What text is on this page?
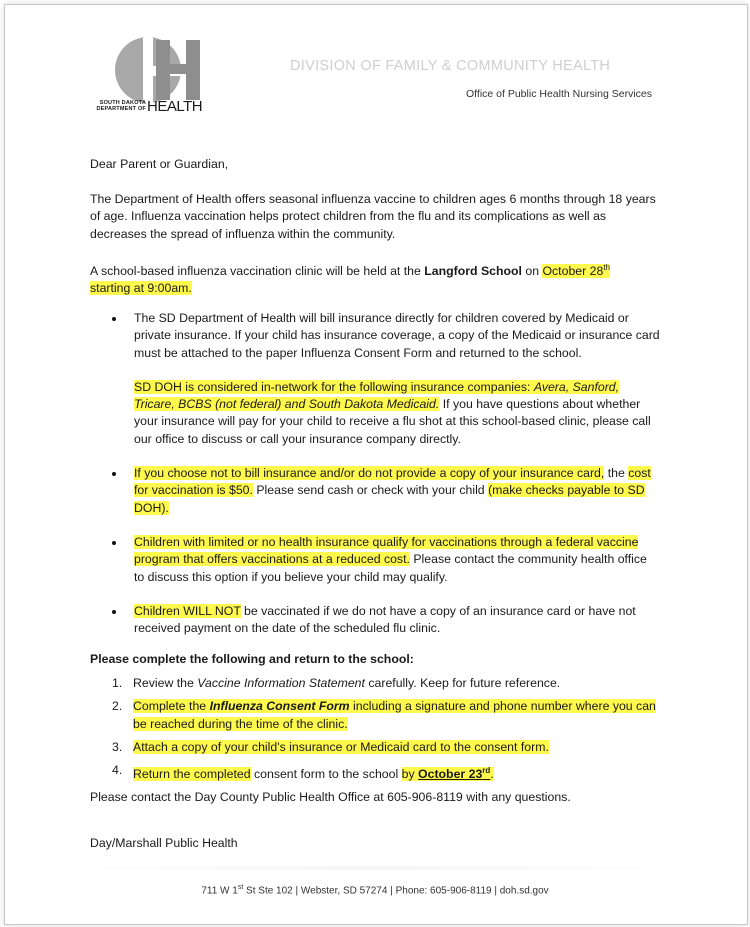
SOUTH DAKOTA
DEPARTMENT OF HEALTH
DIVISION OF FAMILY & COMMUNITY HEALTH
Office of Public Health Nursing Services
Dear Parent or Guardian,
The Department of Health offers seasonal influenza vaccine to children ages 6 months through 18 years of age. Influenza vaccination helps protect children from the flu and its complications as well as decreases the spread of influenza within the community.
A school-based influenza vaccination clinic will be held at the Langford School on October 28th
starting at 9:00am.
The SD Department of Health will bill insurance directly for children covered by Medicaid or private insurance. If your child has insurance coverage, a copy of the Medicaid or insurance card must be attached to the paper Influenza Consent Form and returned to the school.
SD DOH is considered in-network for the following insurance companies: Avera, Sanford, Tricare, BCBS (not federal) and South Dakota Medicaid. If you have questions about whether your insurance will pay for your child to receive a flu shot at this school-based clinic, please call our office to discuss or call your insurance company directly.
If you choose not to bill insurance and/or do not provide a copy of your insurance card, the cost for vaccination is $50. Please send cash or check with your child (make checks payable to SD DOH).
Children with limited or no health insurance qualify for vaccinations through a federal vaccine program that offers vaccinations at a reduced cost. Please contact the community health office to discuss this option if you believe your child may qualify.
Children WILL NOT be vaccinated if we do not have a copy of an insurance card or have not received payment on the date of the scheduled flu clinic.
Please complete the following and return to the school:
1. Review the Vaccine Information Statement carefully. Keep for future reference.
2. Complete the Influenza Consent Form including a signature and phone number where you can be reached during the time of the clinic.
3. Attach a copy of your child's insurance or Medicaid card to the consent form.
4. Return the completed consent form to the school by October 23rd.
Please contact the Day County Public Health Office at 605-906-8119 with any questions.
Day/Marshall Public Health
711 W 1st St Ste 102 | Webster, SD 57274 | Phone: 605-906-8119 | doh.sd.gov
